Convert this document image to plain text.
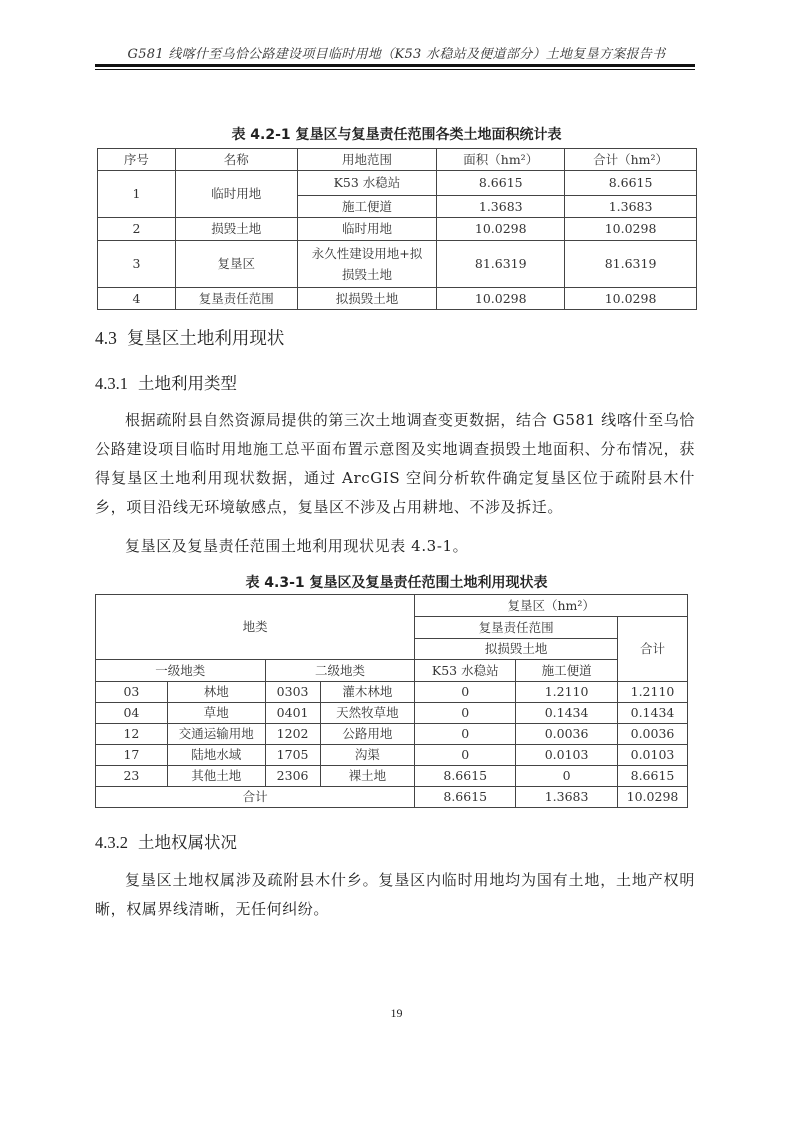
G581 线喀什至乌恰公路建设项目临时用地（K53 水稳站及便道部分）土地复垦方案报告书
表 4.2-1 复垦区与复垦责任范围各类土地面积统计表
序号	名称	用地范围	面积（hm²）	合计（hm²）
1	临时用地	K53 水稳站	8.6615	8.6615
		施工便道	1.3683	1.3683
2	损毁土地	临时用地	10.0298	10.0298
3	复垦区	永久性建设用地+拟损毁土地	81.6319	81.6319
4	复垦责任范围	拟损毁土地	10.0298	10.0298
4.3 复垦区土地利用现状
4.3.1 土地利用类型
根据疏附县自然资源局提供的第三次土地调查变更数据，结合 G581 线喀什至乌恰公路建设项目临时用地施工总平面布置示意图及实地调查损毁土地面积、分布情况，获得复垦区土地利用现状数据，通过 ArcGIS 空间分析软件确定复垦区位于疏附县木什乡，项目沿线无环境敏感点，复垦区不涉及占用耕地、不涉及拆迁。
复垦区及复垦责任范围土地利用现状见表 4.3-1。
表 4.3-1 复垦区及复垦责任范围土地利用现状表
地类				复垦区（hm²）		
				复垦责任范围		合计
				拟损毁土地		
一级地类		二级地类		K53 水稳站	施工便道	
03	林地	0303	灌木林地	0	1.2110	1.2110
04	草地	0401	天然牧草地	0	0.1434	0.1434
12	交通运输用地	1202	公路用地	0	0.0036	0.0036
17	陆地水域	1705	沟渠	0	0.0103	0.0103
23	其他土地	2306	裸土地	8.6615	0	8.6615
合计				8.6615	1.3683	10.0298
4.3.2 土地权属状况
复垦区土地权属涉及疏附县木什乡。复垦区内临时用地均为国有土地，土地产权明晰，权属界线清晰，无任何纠纷。
19
